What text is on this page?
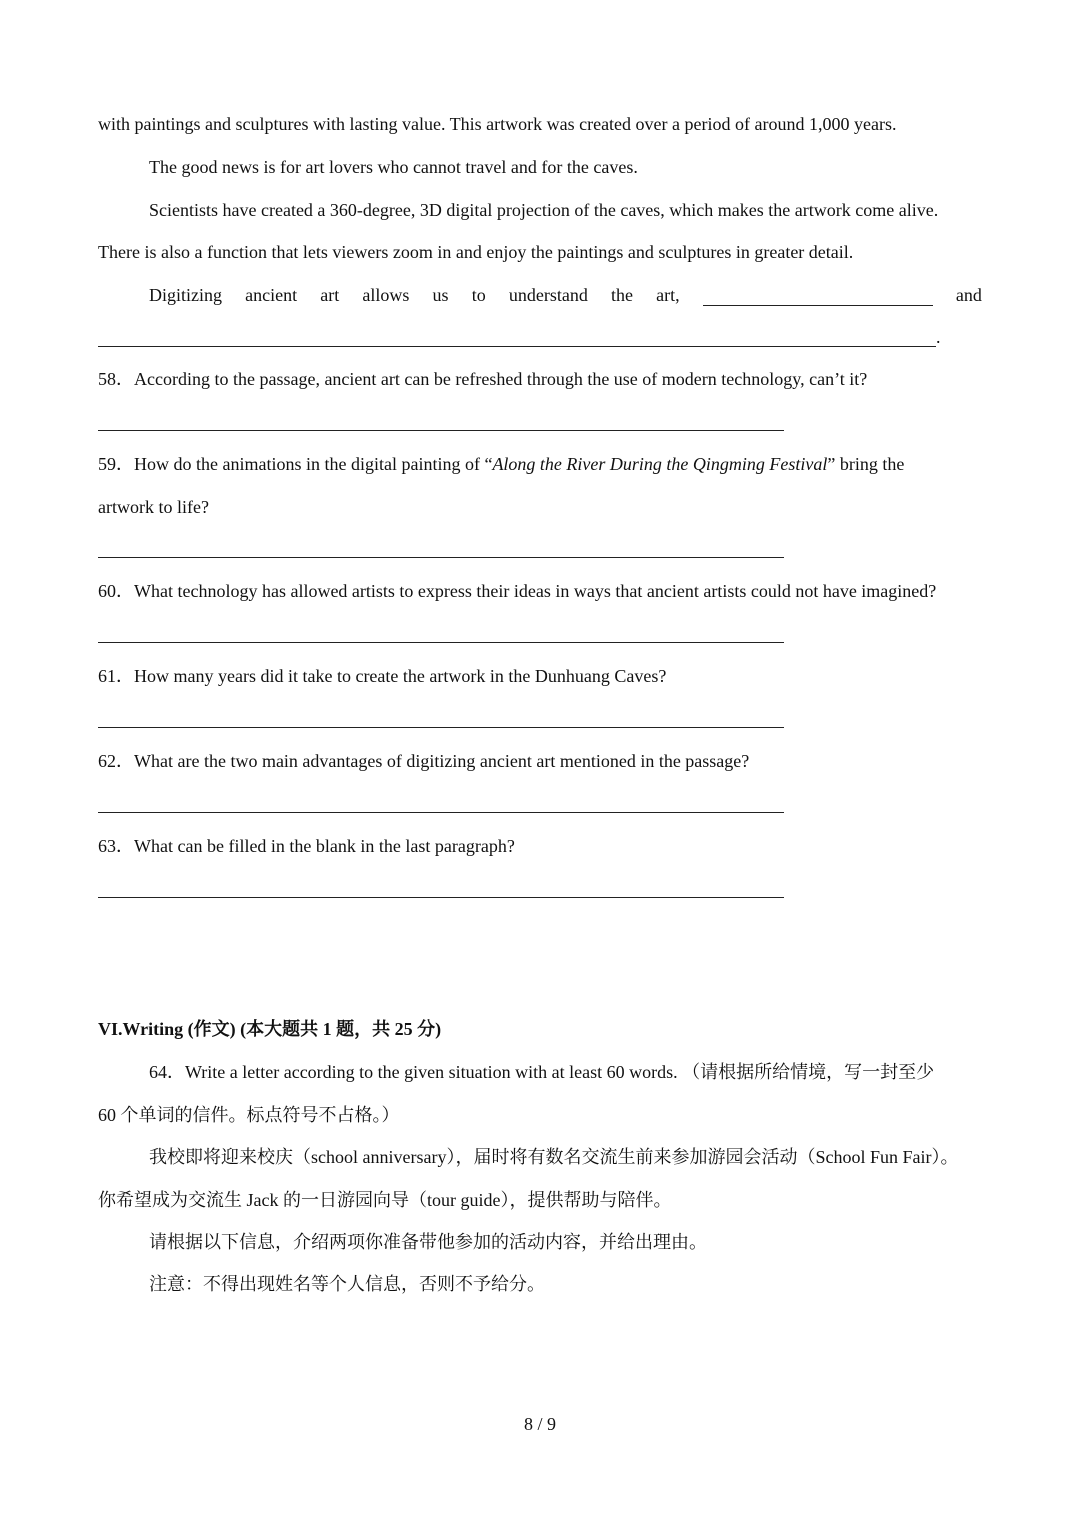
with paintings and sculptures with lasting value. This artwork was created over a period of around 1,000 years.
The good news is for art lovers who cannot travel and for the caves.
Scientists have created a 360-degree, 3D digital projection of the caves, which makes the artwork come alive.
There is also a function that lets viewers zoom in and enjoy the paintings and sculptures in greater detail.
Digitizing ancient art allows us to understand the art,	and
.
58．According to the passage, ancient art can be refreshed through the use of modern technology, can’t it?
59．How do the animations in the digital painting of “Along the River During the Qingming Festival” bring the
artwork to life?
60．What technology has allowed artists to express their ideas in ways that ancient artists could not have imagined?
61．How many years did it take to create the artwork in the Dunhuang Caves?
62．What are the two main advantages of digitizing ancient art mentioned in the passage?
63．What can be filled in the blank in the last paragraph?
VI.Writing (作文) (本大题共 1 题，共 25 分)
64．Write a letter according to the given situation with at least 60 words. （请根据所给情境，写一封至少
60 个单词的信件。标点符号不占格。）
我校即将迎来校庆（school anniversary），届时将有数名交流生前来参加游园会活动（School Fun Fair）。
你希望成为交流生 Jack 的一日游园向导（tour guide），提供帮助与陪伴。
请根据以下信息，介绍两项你准备带他参加的活动内容，并给出理由。
注意：不得出现姓名等个人信息，否则不予给分。
8 / 9
